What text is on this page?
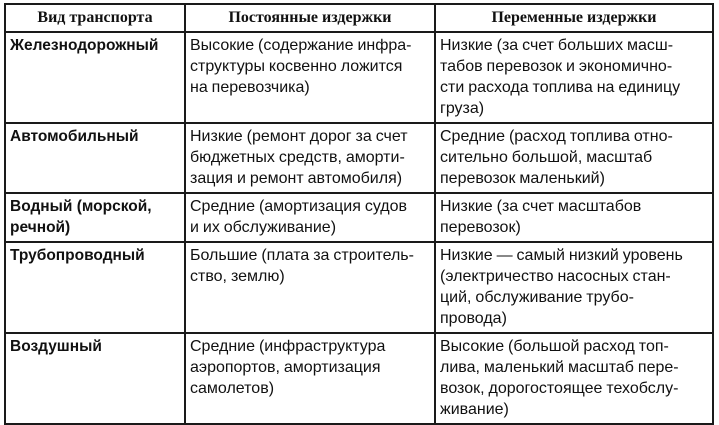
Вид транспорта	Постоянные издержки	Переменные издержки

Железнодорожный	Высокие (содержание инфра-
структуры косвенно ложится
на перевозчика)	Низкие (за счет больших масш-
табов перевозок и экономично-
сти расхода топлива на единицу
груза)

Автомобильный	Низкие (ремонт дорог за счет
бюджетных средств, аморти-
зация и ремонт автомобиля)	Средние (расход топлива отно-
сительно большой, масштаб
перевозок маленький)

Водный (морской,
речной)	Средние (амортизация судов
и их обслуживание)	Низкие (за счет масштабов
перевозок)

Трубопроводный	Большие (плата за строитель-
ство, землю)	Низкие — самый низкий уровень
(электричество насосных стан-
ций, обслуживание трубо-
провода)

Воздушный	Средние (инфраструктура
аэропортов, амортизация
самолетов)	Высокие (большой расход топ-
лива, маленький масштаб пере-
возок, дорогостоящее техобслу-
живание)
